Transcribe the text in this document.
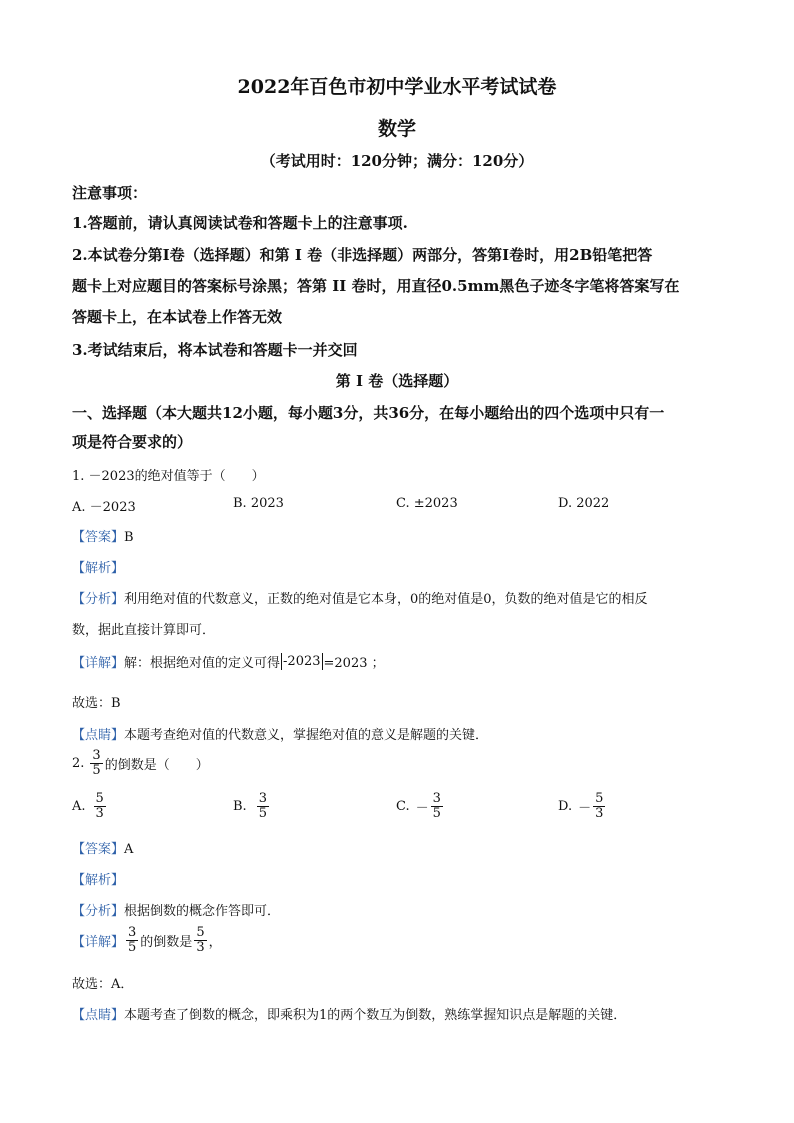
2022年百色市初中学业水平考试试卷
数学
（考试用时：120分钟；满分：120分）
注意事项：
1.答题前，请认真阅读试卷和答题卡上的注意事项.
2.本试卷分第I卷（选择题）和第 I 卷（非选择题）两部分，答第I卷时，用2B铅笔把答
题卡上对应题目的答案标号涂黑；答第 II 卷时，用直径0.5mm黑色子迹冬字笔将答案写在
答题卡上，在本试卷上作答无效
3.考试结束后，将本试卷和答题卡一并交回
第 I 卷（选择题）
一、选择题（本大题共12小题，每小题3分，共36分，在每小题给出的四个选项中只有一
项是符合要求的）
1. －2023的绝对值等于（　　）
A. －2023	B. 2023	C. ±2023	D. 2022
【答案】B
【解析】
【分析】利用绝对值的代数意义，正数的绝对值是它本身，0的绝对值是0，负数的绝对值是它的相反
数，据此直接计算即可．
【详解】 解：根据绝对值的定义可得 -2023 =2023 ；
故选：B
【点睛】本题考查绝对值的代数意义，掌握绝对值的意义是解题的关键．
2. $\frac{3}{5}$ 的倒数是（　　）
A. $\frac{5}{3}$	B. $\frac{3}{5}$	C. － $\frac{3}{5}$	D. － $\frac{5}{3}$
【答案】A
【解析】
【分析】根据倒数的概念作答即可．
【详解】 $\frac{3}{5}$ 的倒数是 $\frac{5}{3}$ ，
故选：A．
【点睛】本题考查了倒数的概念，即乘积为1的两个数互为倒数，熟练掌握知识点是解题的关键．
